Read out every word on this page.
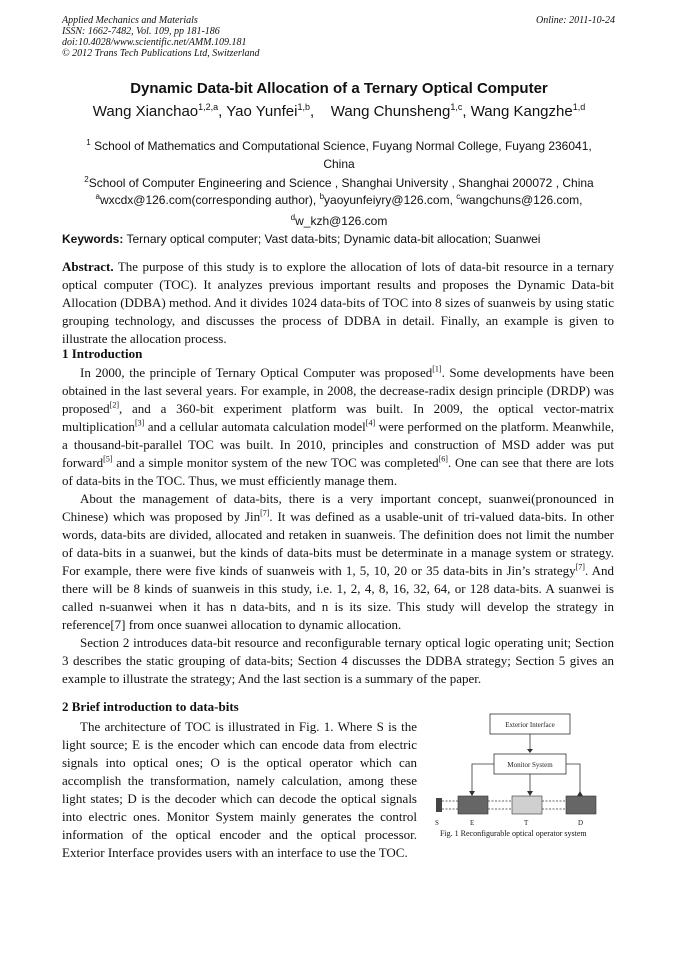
Applied Mechanics and Materials
ISSN: 1662-7482, Vol. 109, pp 181-186
doi:10.4028/www.scientific.net/AMM.109.181
© 2012 Trans Tech Publications Ltd, Switzerland
Online: 2011-10-24
Dynamic Data-bit Allocation of a Ternary Optical Computer
Wang Xianchao$^{1,2,a}$, Yao Yunfei$^{1,b}$,    Wang Chunsheng$^{1,c}$, Wang Kangzhe$^{1,d}$
$^1$ School of Mathematics and Computational Science, Fuyang Normal College, Fuyang 236041,
China
$^2$School of Computer Engineering and Science , Shanghai University , Shanghai 200072 , China
$^a$wxcdx@126.com(corresponding author), $^b$yaoyunfeiyry@126.com, $^c$wangchuns@126.com,
$^d$w_kzh@126.com
Keywords: Ternary optical computer; Vast data-bits; Dynamic data-bit allocation; Suanwei

Abstract. The purpose of this study is to explore the allocation of lots of data-bit resource in a ternary optical computer (TOC). It analyzes previous important results and proposes the Dynamic Data-bit Allocation (DDBA) method. And it divides 1024 data-bits of TOC into 8 sizes of suanweis by using static grouping technology, and discusses the process of DDBA in detail. Finally, an example is given to illustrate the allocation process.

1 Introduction

In 2000, the principle of Ternary Optical Computer was proposed[1]. Some developments have been obtained in the last several years. For example, in 2008, the decrease-radix design principle (DRDP) was proposed[2], and a 360-bit experiment platform was built. In 2009, the optical vector-matrix multiplication[3] and a cellular automata calculation model[4] were performed on the platform. Meanwhile, a thousand-bit-parallel TOC was built. In 2010, principles and construction of MSD adder was put forward[5] and a simple monitor system of the new TOC was completed[6]. One can see that there are lots of data-bits in the TOC. Thus, we must efficiently manage them.

About the management of data-bits, there is a very important concept, suanwei(pronounced in Chinese) which was proposed by Jin[7]. It was defined as a usable-unit of tri-valued data-bits. In other words, data-bits are divided, allocated and retaken in suanweis. The definition does not limit the number of data-bits in a suanwei, but the kinds of data-bits must be determinate in a manage system or strategy. For example, there were five kinds of suanweis with 1, 5, 10, 20 or 35 data-bits in Jin’s strategy[7]. And there will be 8 kinds of suanweis in this study, i.e. 1, 2, 4, 8, 16, 32, 64, or 128 data-bits. A suanwei is called n-suanwei when it has n data-bits, and n is its size. This study will develop the strategy in reference[7] from once suanwei allocation to dynamic allocation.

Section 2 introduces data-bit resource and reconfigurable ternary optical logic operating unit; Section 3 describes the static grouping of data-bits; Section 4 discusses the DDBA strategy; Section 5 gives an example to illustrate the strategy; And the last section is a summary of the paper.

2 Brief introduction to data-bits

The architecture of TOC is illustrated in Fig. 1. Where S is the light source; E is the encoder which can encode data from electric signals into optical ones; O is the optical operator which can accomplish the transformation, namely calculation, among these light states; D is the decoder which can decode the optical signals into electric ones. Monitor System mainly generates the control information of the optical encoder and the optical processor. Exterior Interface provides users with an interface to use the TOC.

Exterior Interface
Monitor System
S	E	T	D
Fig. 1 Reconfigurable optical operator system
